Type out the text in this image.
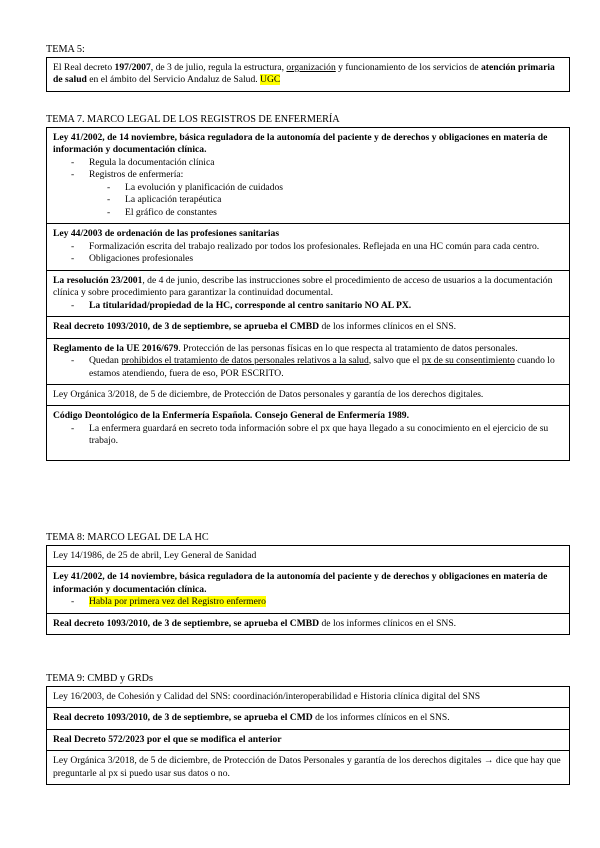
TEMA 5:

El Real decreto 197/2007, de 3 de julio, regula la estructura, organización y funcionamiento de los servicios de atención primaria de salud en el ámbito del Servicio Andaluz de Salud. UGC

TEMA 7. MARCO LEGAL DE LOS REGISTROS DE ENFERMERÍA

Ley 41/2002, de 14 noviembre, básica reguladora de la autonomía del paciente y de derechos y obligaciones en materia de información y documentación clínica.

- Regula la documentación clínica
- Registros de enfermería:
- La evolución y planificación de cuidados
- La aplicación terapéutica
- El gráfico de constantes

Ley 44/2003 de ordenación de las profesiones sanitarias

- Formalización escrita del trabajo realizado por todos los profesionales. Reflejada en una HC común para cada centro.
- Obligaciones profesionales

La resolución 23/2001, de 4 de junio, describe las instrucciones sobre el procedimiento de acceso de usuarios a la documentación clínica y sobre procedimiento para garantizar la continuidad documental.

- La titularidad/propiedad de la HC, corresponde al centro sanitario NO AL PX.

Real decreto 1093/2010, de 3 de septiembre, se aprueba el CMBD de los informes clínicos en el SNS.

Reglamento de la UE 2016/679. Protección de las personas físicas en lo que respecta al tratamiento de datos personales.

- Quedan prohibidos el tratamiento de datos personales relativos a la salud, salvo que el px de su consentimiento cuando lo estamos atendiendo, fuera de eso, POR ESCRITO.

Ley Orgánica 3/2018, de 5 de diciembre, de Protección de Datos personales y garantía de los derechos digitales.

Código Deontológico de la Enfermería Española. Consejo General de Enfermería 1989.

- La enfermera guardará en secreto toda información sobre el px que haya llegado a su conocimiento en el ejercicio de su trabajo.
TEMA 8: MARCO LEGAL DE LA HC

Ley 14/1986, de 25 de abril, Ley General de Sanidad

Ley 41/2002, de 14 noviembre, básica reguladora de la autonomía del paciente y de derechos y obligaciones en materia de información y documentación clínica.

- Habla por primera vez del Registro enfermero

Real decreto 1093/2010, de 3 de septiembre, se aprueba el CMBD de los informes clínicos en el SNS.

TEMA 9: CMBD y GRDs

Ley 16/2003, de Cohesión y Calidad del SNS: coordinación/interoperabilidad e Historia clínica digital del SNS

Real decreto 1093/2010, de 3 de septiembre, se aprueba el CMD de los informes clínicos en el SNS.

Real Decreto 572/2023 por el que se modifica el anterior

Ley Orgánica 3/2018, de 5 de diciembre, de Protección de Datos Personales y garantía de los derechos digitales → dice que hay que preguntarle al px si puedo usar sus datos o no.
